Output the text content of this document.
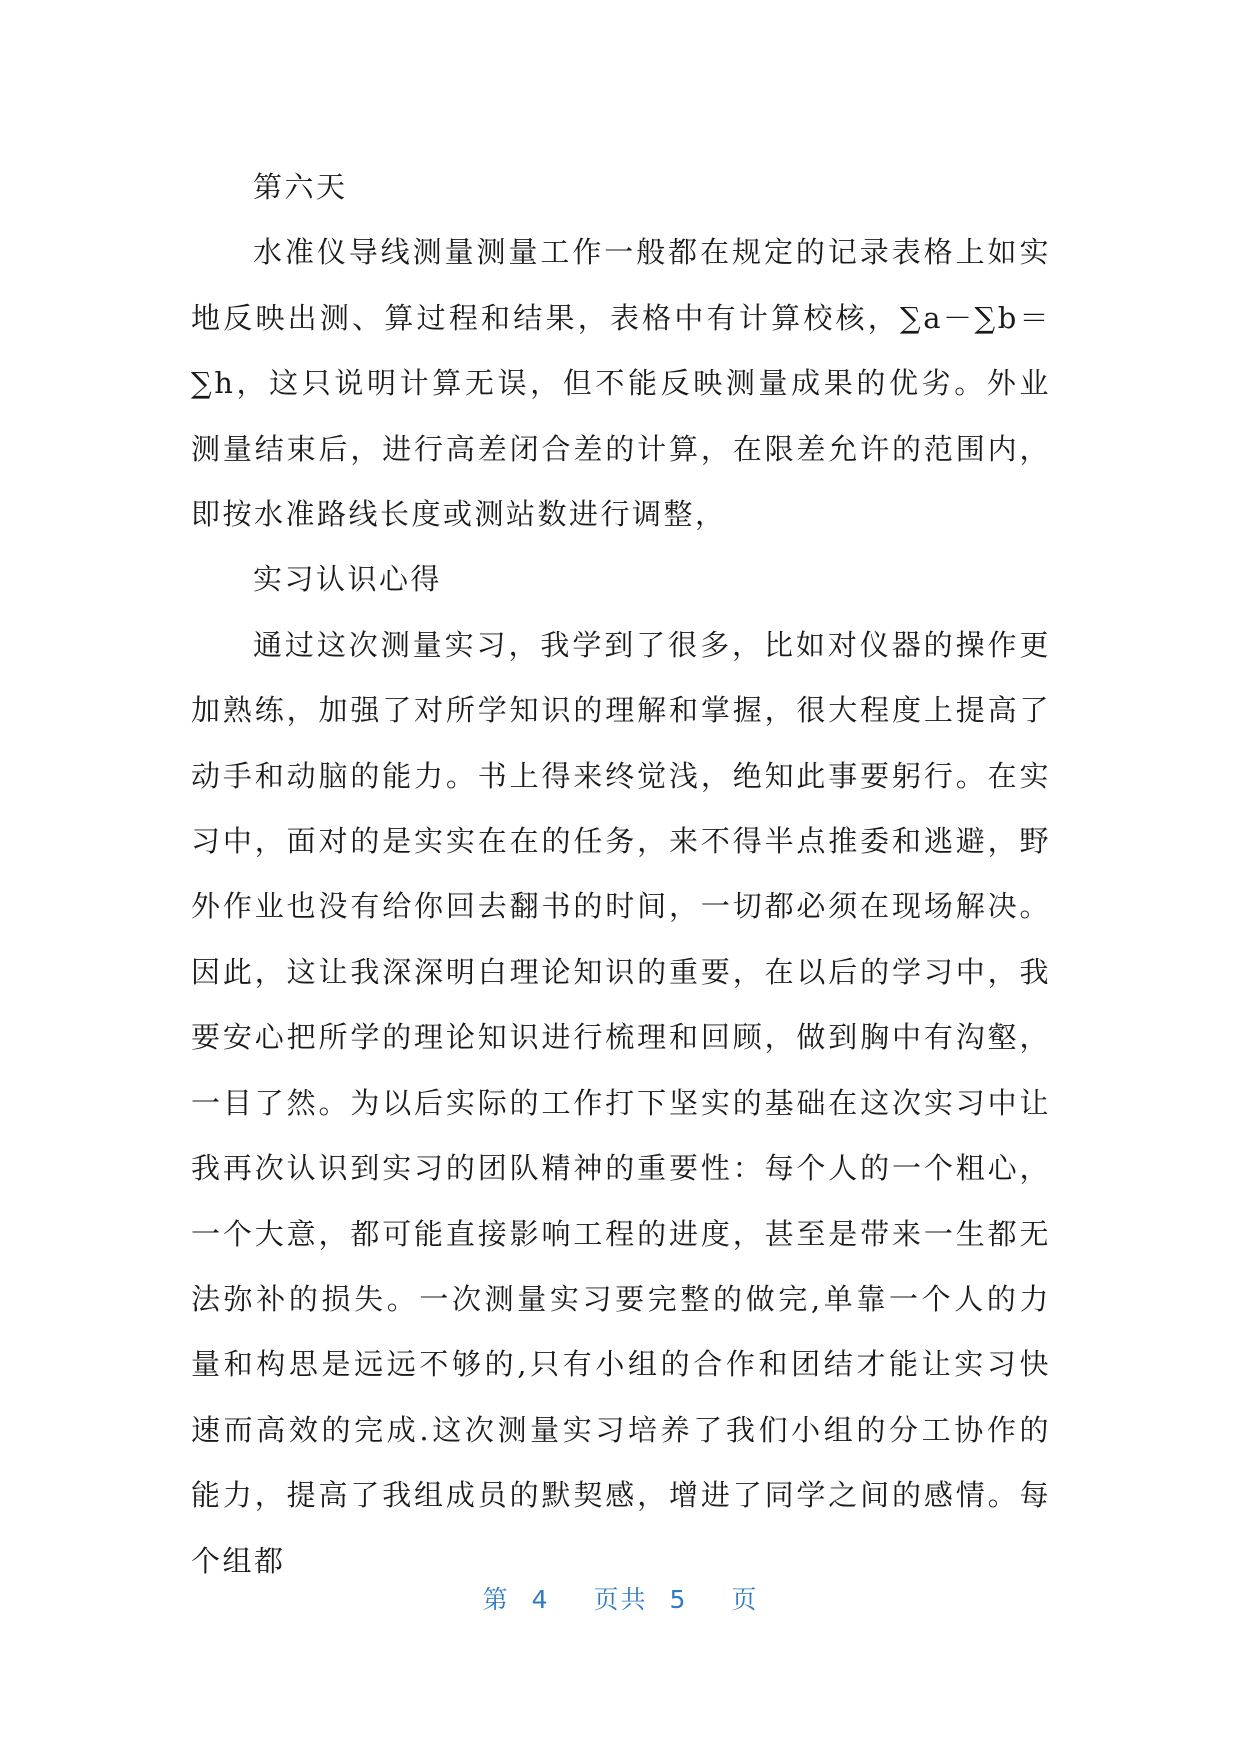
第六天

水准仪导线测量测量工作一般都在规定的记录表格上如实地反映出测、算过程和结果，表格中有计算校核，∑a－∑b＝∑h，这只说明计算无误，但不能反映测量成果的优劣。外业测量结束后，进行高差闭合差的计算，在限差允许的范围内，即按水准路线长度或测站数进行调整，

实习认识心得

通过这次测量实习，我学到了很多，比如对仪器的操作更加熟练，加强了对所学知识的理解和掌握，很大程度上提高了动手和动脑的能力。书上得来终觉浅，绝知此事要躬行。在实习中，面对的是实实在在的任务，来不得半点推委和逃避，野外作业也没有给你回去翻书的时间，一切都必须在现场解决。因此，这让我深深明白理论知识的重要，在以后的学习中，我要安心把所学的理论知识进行梳理和回顾，做到胸中有沟壑，一目了然。为以后实际的工作打下坚实的基础在这次实习中让我再次认识到实习的团队精神的重要性：每个人的一个粗心，一个大意，都可能直接影响工程的进度，甚至是带来一生都无法弥补的损失。一次测量实习要完整的做完,单靠一个人的力量和构思是远远不够的,只有小组的合作和团结才能让实习快速而高效的完成.这次测量实习培养了我们小组的分工协作的能力，提高了我组成员的默契感，增进了同学之间的感情。每个组都

第 4 页共 5 页
